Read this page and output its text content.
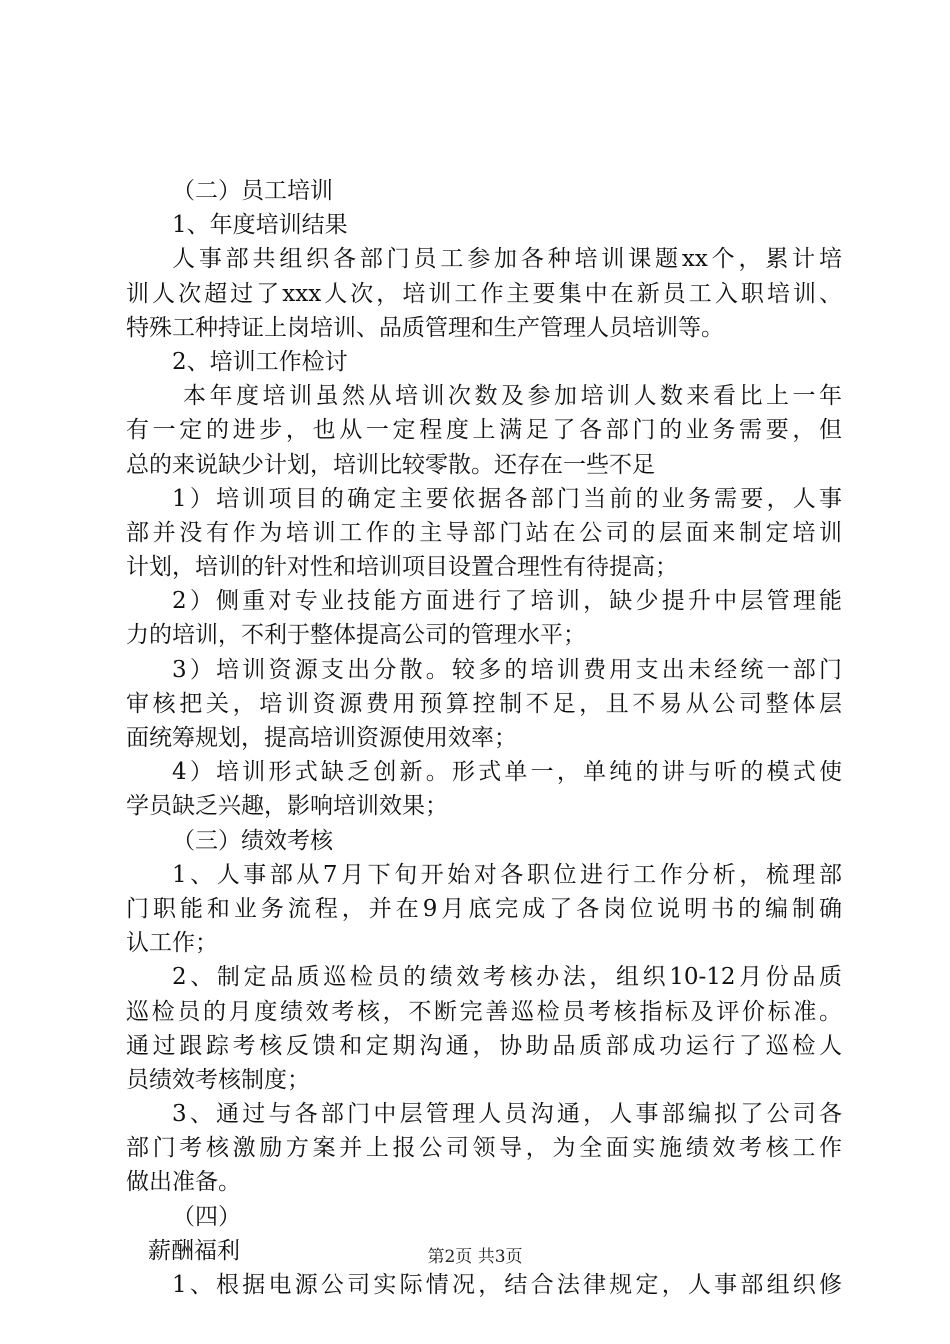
（二）员工培训
1、年度培训结果
人事部共组织各部门员工参加各种培训课题xx个，累计培
训人次超过了xxx人次，培训工作主要集中在新员工入职培训、
特殊工种持证上岗培训、品质管理和生产管理人员培训等。
2、培训工作检讨
本年度培训虽然从培训次数及参加培训人数来看比上一年
有一定的进步，也从一定程度上满足了各部门的业务需要，但
总的来说缺少计划，培训比较零散。还存在一些不足
1）培训项目的确定主要依据各部门当前的业务需要，人事
部并没有作为培训工作的主导部门站在公司的层面来制定培训
计划，培训的针对性和培训项目设置合理性有待提高；
2）侧重对专业技能方面进行了培训，缺少提升中层管理能
力的培训，不利于整体提高公司的管理水平；
3）培训资源支出分散。较多的培训费用支出未经统一部门
审核把关，培训资源费用预算控制不足，且不易从公司整体层
面统筹规划，提高培训资源使用效率；
4）培训形式缺乏创新。形式单一，单纯的讲与听的模式使
学员缺乏兴趣，影响培训效果；
（三）绩效考核
1、人事部从7月下旬开始对各职位进行工作分析，梳理部
门职能和业务流程，并在9月底完成了各岗位说明书的编制确
认工作；
2、制定品质巡检员的绩效考核办法，组织10-12月份品质
巡检员的月度绩效考核，不断完善巡检员考核指标及评价标准。
通过跟踪考核反馈和定期沟通，协助品质部成功运行了巡检人
员绩效考核制度；
3、通过与各部门中层管理人员沟通，人事部编拟了公司各
部门考核激励方案并上报公司领导，为全面实施绩效考核工作
做出准备。
（四）
薪酬福利
1、根据电源公司实际情况，结合法律规定，人事部组织修
第2页 共3页
